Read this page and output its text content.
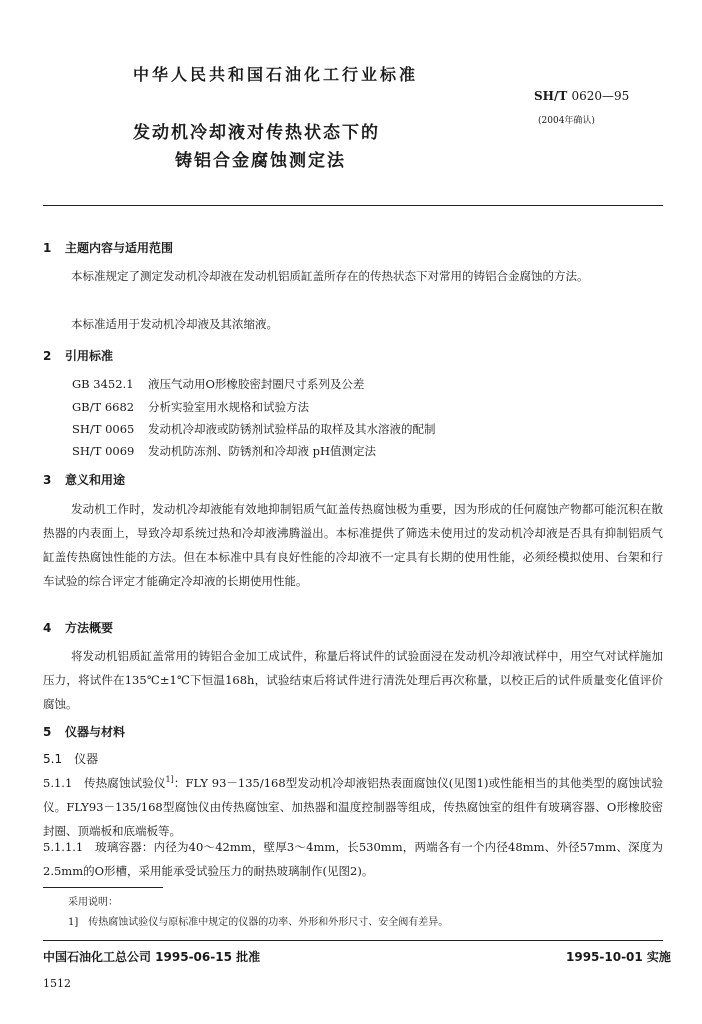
中华人民共和国石油化工行业标准
SH/T 0620—95
(2004年确认)
发动机冷却液对传热状态下的
铸铝合金腐蚀测定法
1 主题内容与适用范围
本标准规定了测定发动机冷却液在发动机铝质缸盖所存在的传热状态下对常用的铸铝合金腐蚀的方法。
本标准适用于发动机冷却液及其浓缩液。
2 引用标准
GB 3452.1 液压气动用O形橡胶密封圈尺寸系列及公差
GB/T 6682 分析实验室用水规格和试验方法
SH/T 0065 发动机冷却液或防锈剂试验样品的取样及其水溶液的配制
SH/T 0069 发动机防冻剂、防锈剂和冷却液 pH值测定法
3 意义和用途
发动机工作时，发动机冷却液能有效地抑制铝质气缸盖传热腐蚀极为重要，因为形成的任何腐蚀产物都可能沉积在散热器的内表面上，导致冷却系统过热和冷却液沸腾溢出。本标准提供了筛选未使用过的发动机冷却液是否具有抑制铝质气缸盖传热腐蚀性能的方法。但在本标准中具有良好性能的冷却液不一定具有长期的使用性能，必须经模拟使用、台架和行车试验的综合评定才能确定冷却液的长期使用性能。
4 方法概要
将发动机铝质缸盖常用的铸铝合金加工成试件，称量后将试件的试验面浸在发动机冷却液试样中，用空气对试样施加压力，将试件在135℃±1℃下恒温168h，试验结束后将试件进行清洗处理后再次称量，以校正后的试件质量变化值评价腐蚀。
5 仪器与材料
5.1　仪器
5.1.1　传热腐蚀试验仪$^{1]}$：FLY 93－135/168型发动机冷却液铝热表面腐蚀仪(见图1)或性能相当的其他类型的腐蚀试验仪。FLY93－135/168型腐蚀仪由传热腐蚀室、加热器和温度控制器等组成，传热腐蚀室的组件有玻璃容器、O形橡胶密封圈、顶端板和底端板等。
5.1.1.1　玻璃容器：内径为40～42mm，壁厚3～4mm，长530mm，两端各有一个内径48mm、外径57mm、深度为2.5mm的O形槽，采用能承受试验压力的耐热玻璃制作(见图2)。
采用说明：
1]　传热腐蚀试验仪与原标准中规定的仪器的功率、外形和外形尺寸、安全阀有差异。
中国石油化工总公司 1995-06-15 批准	1995-10-01 实施
1512
